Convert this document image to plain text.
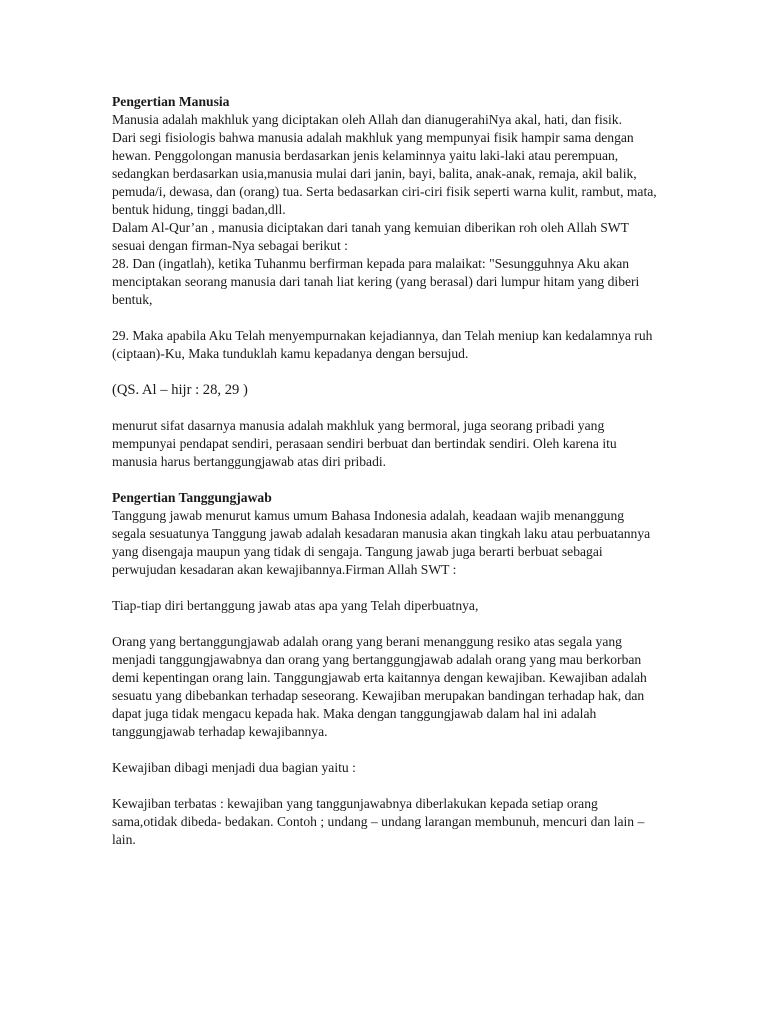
Pengertian Manusia

Manusia adalah makhluk yang diciptakan oleh Allah dan dianugerahiNya akal, hati, dan fisik.

Dari segi fisiologis bahwa manusia adalah makhluk yang mempunyai fisik hampir sama dengan hewan. Penggolongan manusia berdasarkan jenis kelaminnya yaitu laki-laki atau perempuan, sedangkan berdasarkan usia,manusia mulai dari janin, bayi, balita, anak-anak, remaja, akil balik, pemuda/i, dewasa, dan (orang) tua. Serta bedasarkan ciri-ciri fisik seperti warna kulit, rambut, mata, bentuk hidung, tinggi badan,dll.

Dalam Al-Qur’an , manusia diciptakan dari tanah yang kemuian diberikan roh oleh Allah SWT sesuai dengan firman-Nya sebagai berikut :

28. Dan (ingatlah), ketika Tuhanmu berfirman kepada para malaikat: "Sesungguhnya Aku akan menciptakan seorang manusia dari tanah liat kering (yang berasal) dari lumpur hitam yang diberi bentuk,

29. Maka apabila Aku Telah menyempurnakan kejadiannya, dan Telah meniup kan kedalamnya ruh (ciptaan)-Ku, Maka tunduklah kamu kepadanya dengan bersujud.

(QS. Al – hijr : 28, 29 )

menurut sifat dasarnya manusia adalah makhluk yang bermoral, juga seorang pribadi yang mempunyai pendapat sendiri, perasaan sendiri berbuat dan bertindak sendiri. Oleh karena itu manusia harus bertanggungjawab atas diri pribadi.

Pengertian Tanggungjawab

Tanggung jawab menurut kamus umum Bahasa Indonesia adalah, keadaan wajib menanggung segala sesuatunya Tanggung jawab adalah kesadaran manusia akan tingkah laku atau perbuatannya yang disengaja maupun yang tidak di sengaja. Tangung jawab juga berarti berbuat sebagai perwujudan kesadaran akan kewajibannya.Firman Allah SWT :

Tiap-tiap diri bertanggung jawab atas apa yang Telah diperbuatnya,

Orang yang bertanggungjawab adalah orang yang berani menanggung resiko atas segala yang menjadi tanggungjawabnya dan orang yang bertanggungjawab adalah orang yang mau berkorban demi kepentingan orang lain. Tanggungjawab erta kaitannya dengan kewajiban. Kewajiban adalah sesuatu yang dibebankan terhadap seseorang. Kewajiban merupakan bandingan terhadap hak, dan dapat juga tidak mengacu kepada hak. Maka dengan tanggungjawab dalam hal ini adalah tanggungjawab terhadap kewajibannya.

Kewajiban dibagi menjadi dua bagian yaitu :

Kewajiban terbatas : kewajiban yang tanggunjawabnya diberlakukan kepada setiap orang sama,otidak dibeda- bedakan. Contoh ; undang – undang larangan membunuh, mencuri dan lain – lain.
